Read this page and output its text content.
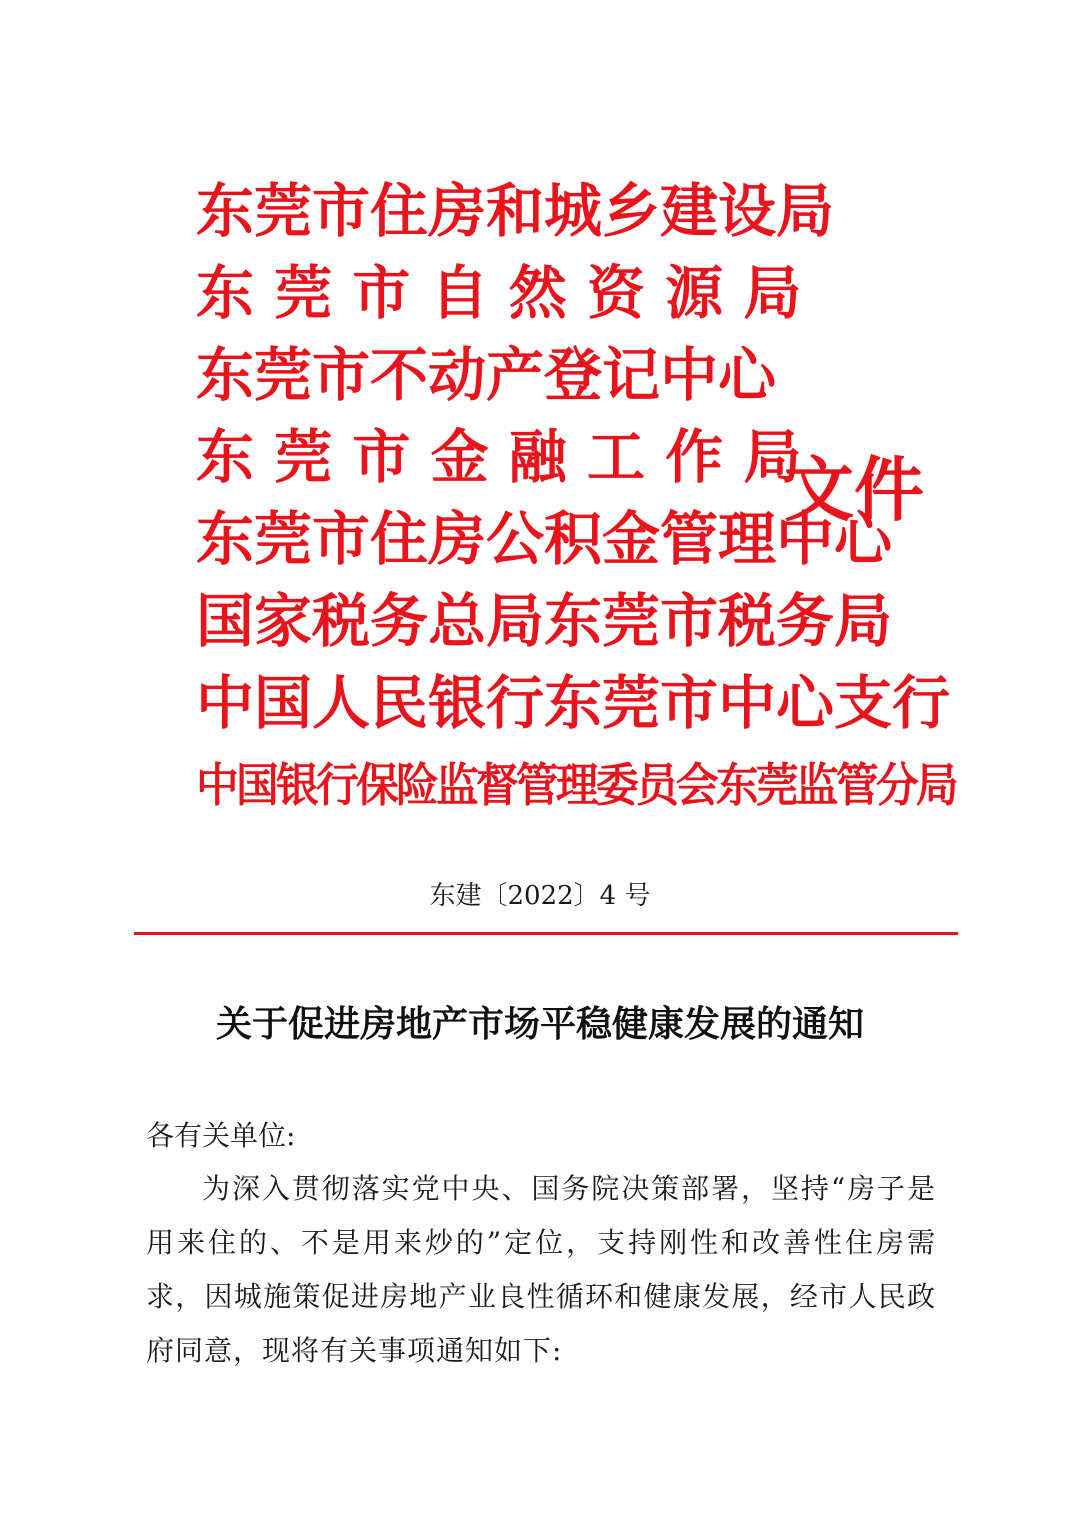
东莞市住房和城乡建设局
东 莞 市 自 然 资 源 局
东莞市不动产登记中心
东 莞 市 金 融 工 作 局
东莞市住房公积金管理中心
国家税务总局东莞市税务局
中国人民银行东莞市中心支行
中国银行保险监督管理委员会东莞监管分局
文件
东建〔2022〕4 号
关于促进房地产市场平稳健康发展的通知
各有关单位:

为深入贯彻落实党中央、国务院决策部署，坚持“房子是用来住的、不是用来炒的”定位，支持刚性和改善性住房需求，因城施策促进房地产业良性循环和健康发展，经市人民政府同意，现将有关事项通知如下:
